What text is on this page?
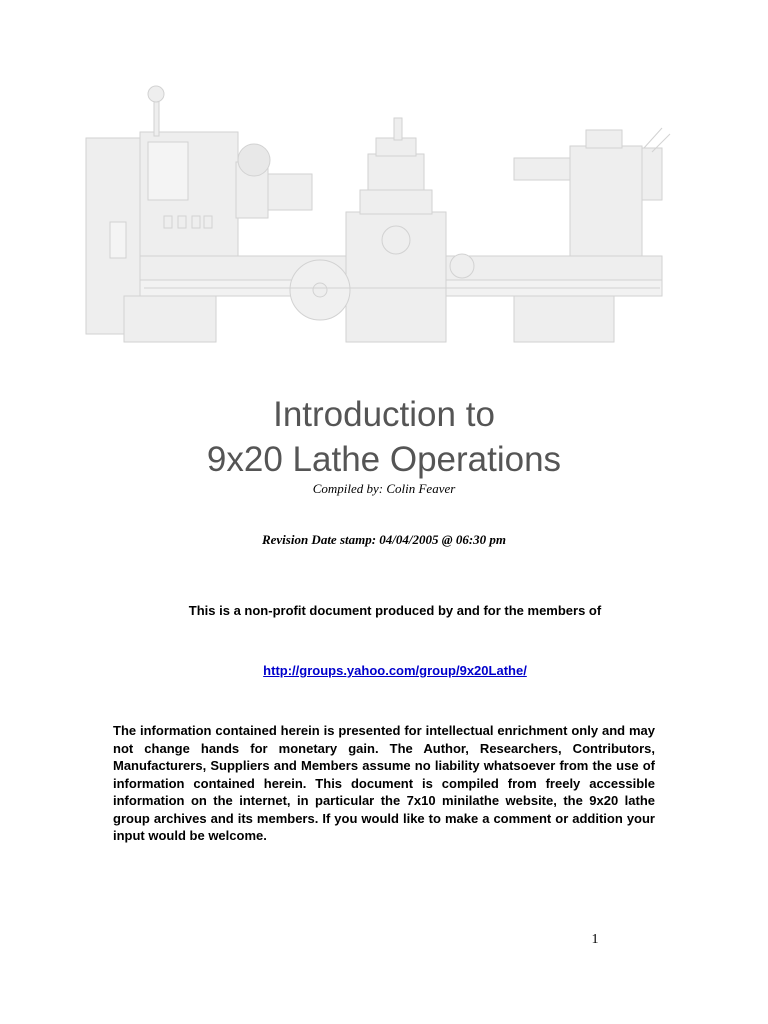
Introduction to
9x20 Lathe Operations
Compiled by: Colin Feaver
Revision Date stamp: 04/04/2005 @ 06:30 pm
This is a non-profit document produced by and for the members of
http://groups.yahoo.com/group/9x20Lathe/
The information contained herein is presented for intellectual enrichment only and may not change hands for monetary gain. The Author, Researchers, Contributors, Manufacturers, Suppliers and Members assume no liability whatsoever from the use of information contained herein. This document is compiled from freely accessible information on the internet, in particular the 7x10 minilathe website, the 9x20 lathe group archives and its members. If you would like to make a comment or addition your input would be welcome.
1
